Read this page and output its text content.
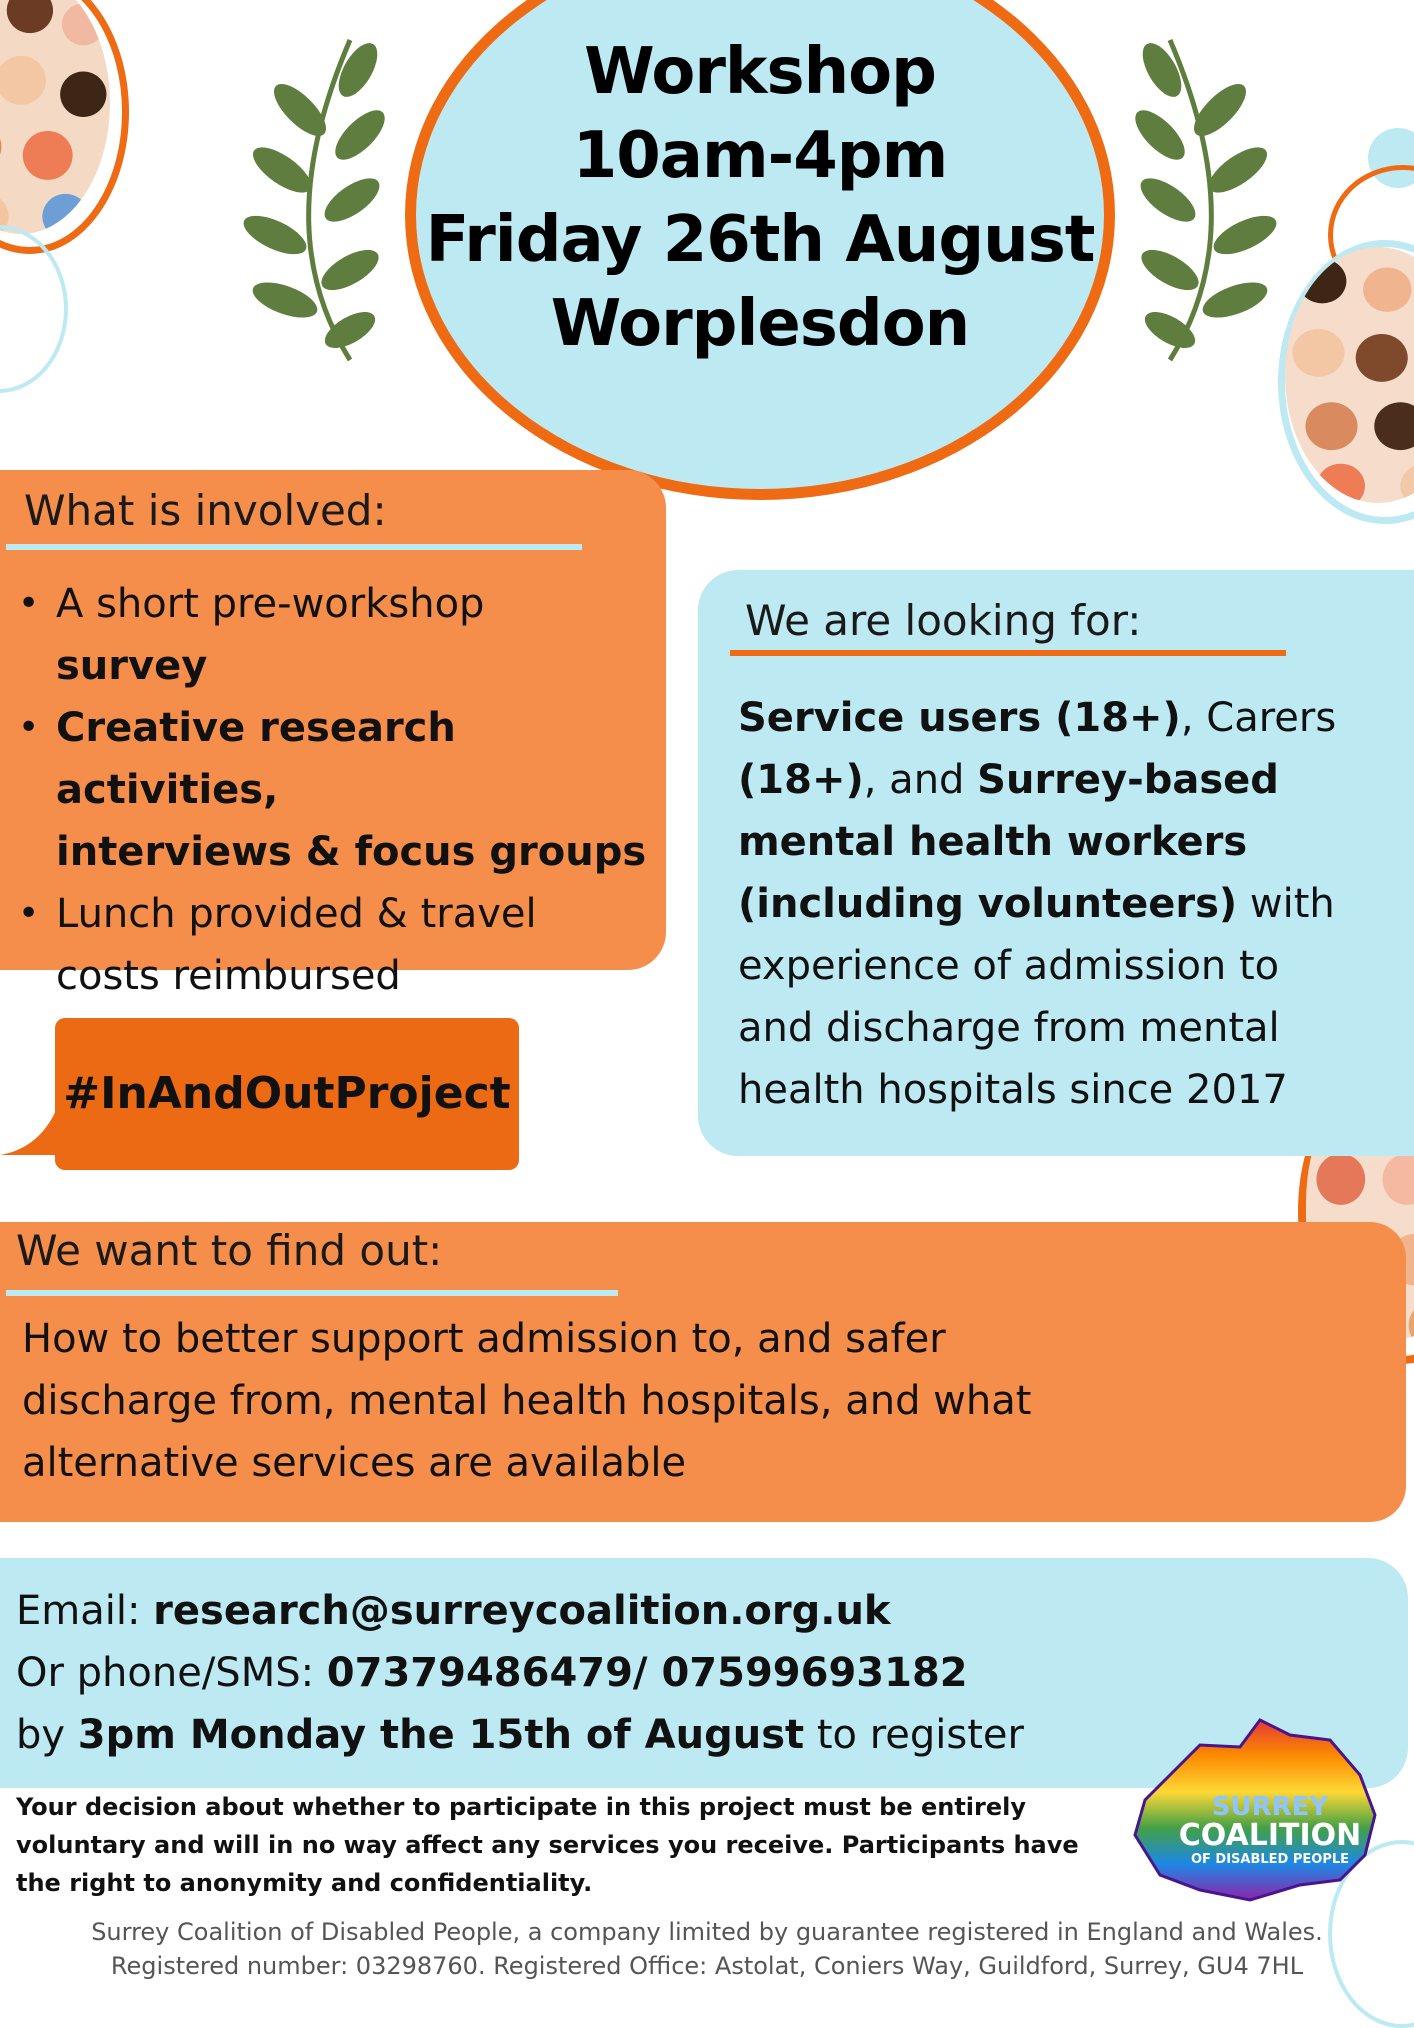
Workshop
10am-4pm
Friday 26th August
Worplesdon
What is involved:
• A short pre-workshop
survey
• Creative research activities,
interviews & focus groups
• Lunch provided & travel
costs reimbursed
#InAndOutProject
We are looking for:
Service users (18+), Carers
(18+), and Surrey-based
mental health workers
(including volunteers) with
experience of admission to
and discharge from mental
health hospitals since 2017
We want to find out:
How to better support admission to, and safer
discharge from, mental health hospitals, and what
alternative services are available
Email: research@surreycoalition.org.uk
Or phone/SMS: 07379486479/ 07599693182
by 3pm Monday the 15th of August to register
Your decision about whether to participate in this project must be entirely
voluntary and will in no way affect any services you receive. Participants have
the right to anonymity and confidentiality.
SURREY
COALITION
OF DISABLED PEOPLE
Surrey Coalition of Disabled People, a company limited by guarantee registered in England and Wales.
Registered number: 03298760. Registered Office: Astolat, Coniers Way, Guildford, Surrey, GU4 7HL
